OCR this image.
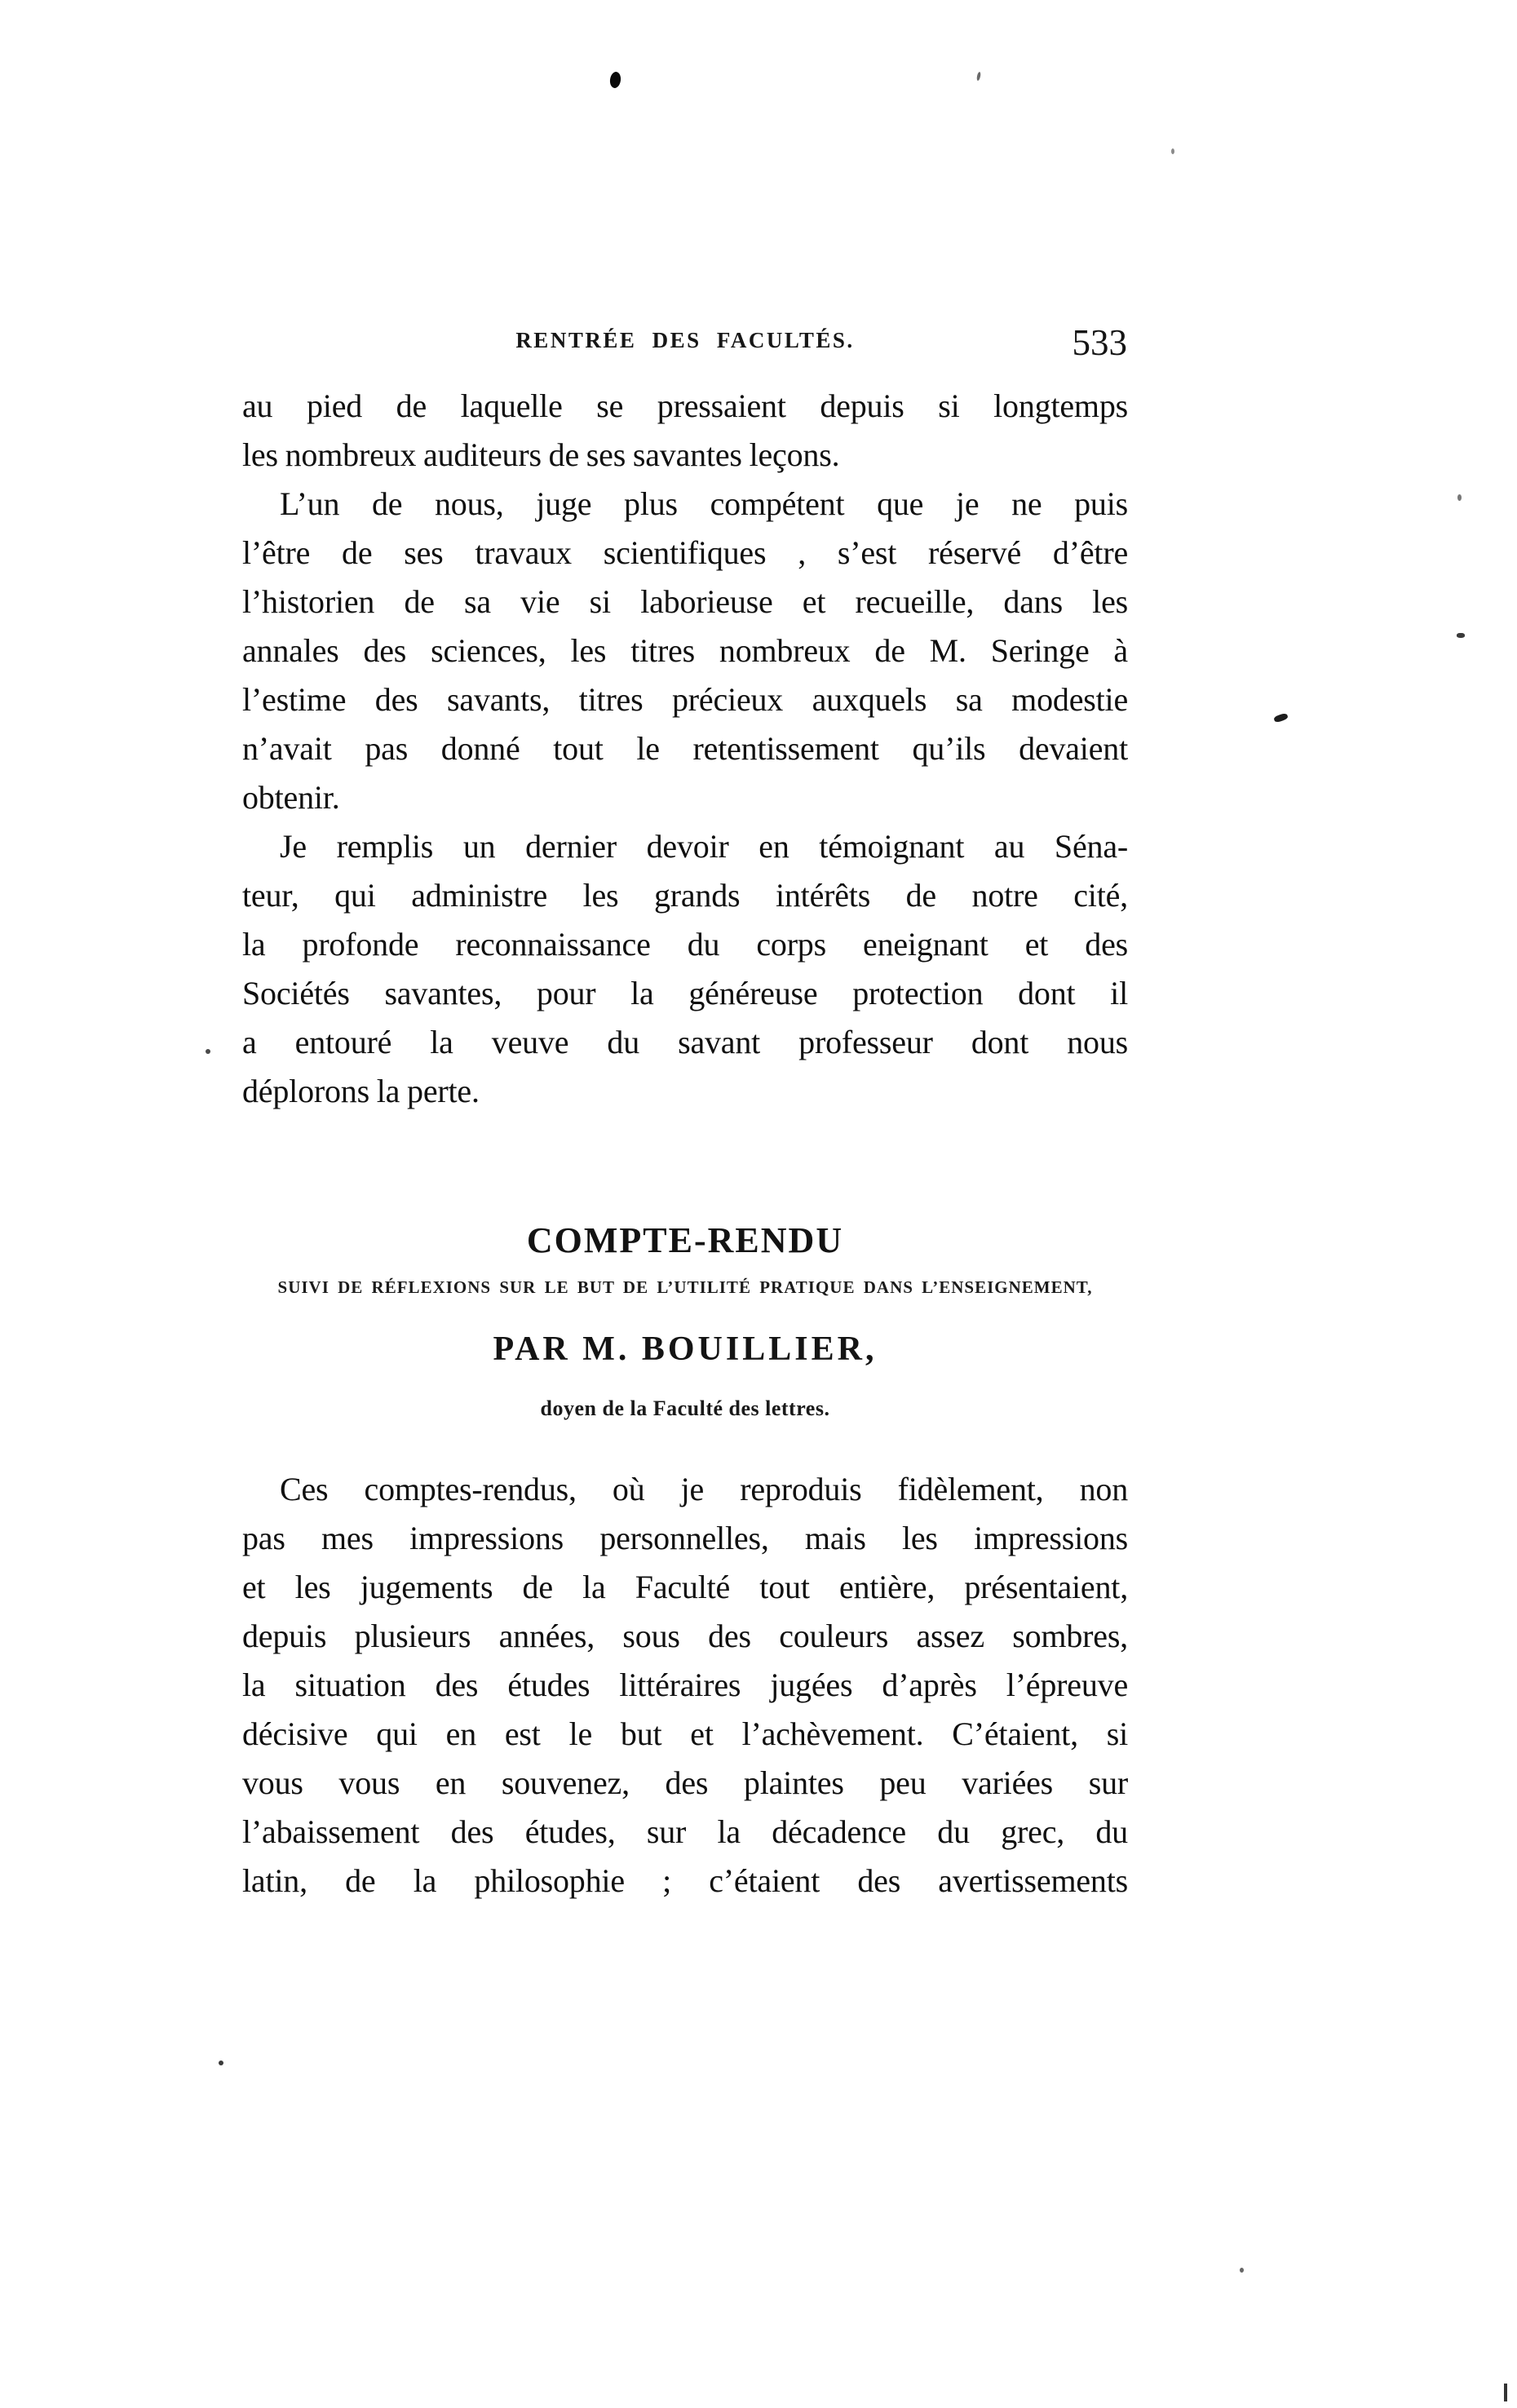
RENTRÉE DES FACULTÉS.	533

au pied de laquelle se pressaient depuis si longtemps
les nombreux auditeurs de ses savantes leçons.

L’un de nous, juge plus compétent que je ne puis
l’être de ses travaux scientifiques , s’est réservé d’être
l’historien de sa vie si laborieuse et recueille, dans les
annales des sciences, les titres nombreux de M. Seringe à
l’estime des savants, titres précieux auxquels sa modestie
n’avait pas donné tout le retentissement qu’ils devaient
obtenir.

Je remplis un dernier devoir en témoignant au Séna-
teur, qui administre les grands intérêts de notre cité,
la profonde reconnaissance du corps eneignant et des
Sociétés savantes, pour la généreuse protection dont il
a entouré la veuve du savant professeur dont nous
déplorons la perte.

COMPTE-RENDU
SUIVI DE RÉFLEXIONS SUR LE BUT DE L’UTILITÉ PRATIQUE DANS L’ENSEIGNEMENT,
PAR M. BOUILLIER,
doyen de la Faculté des lettres.

Ces comptes-rendus, où je reproduis fidèlement, non
pas mes impressions personnelles, mais les impressions
et les jugements de la Faculté tout entière, présentaient,
depuis plusieurs années, sous des couleurs assez sombres,
la situation des études littéraires jugées d’après l’épreuve
décisive qui en est le but et l’achèvement. C’étaient, si
vous vous en souvenez, des plaintes peu variées sur
l’abaissement des études, sur la décadence du grec, du
latin, de la philosophie ; c’étaient des avertissements
